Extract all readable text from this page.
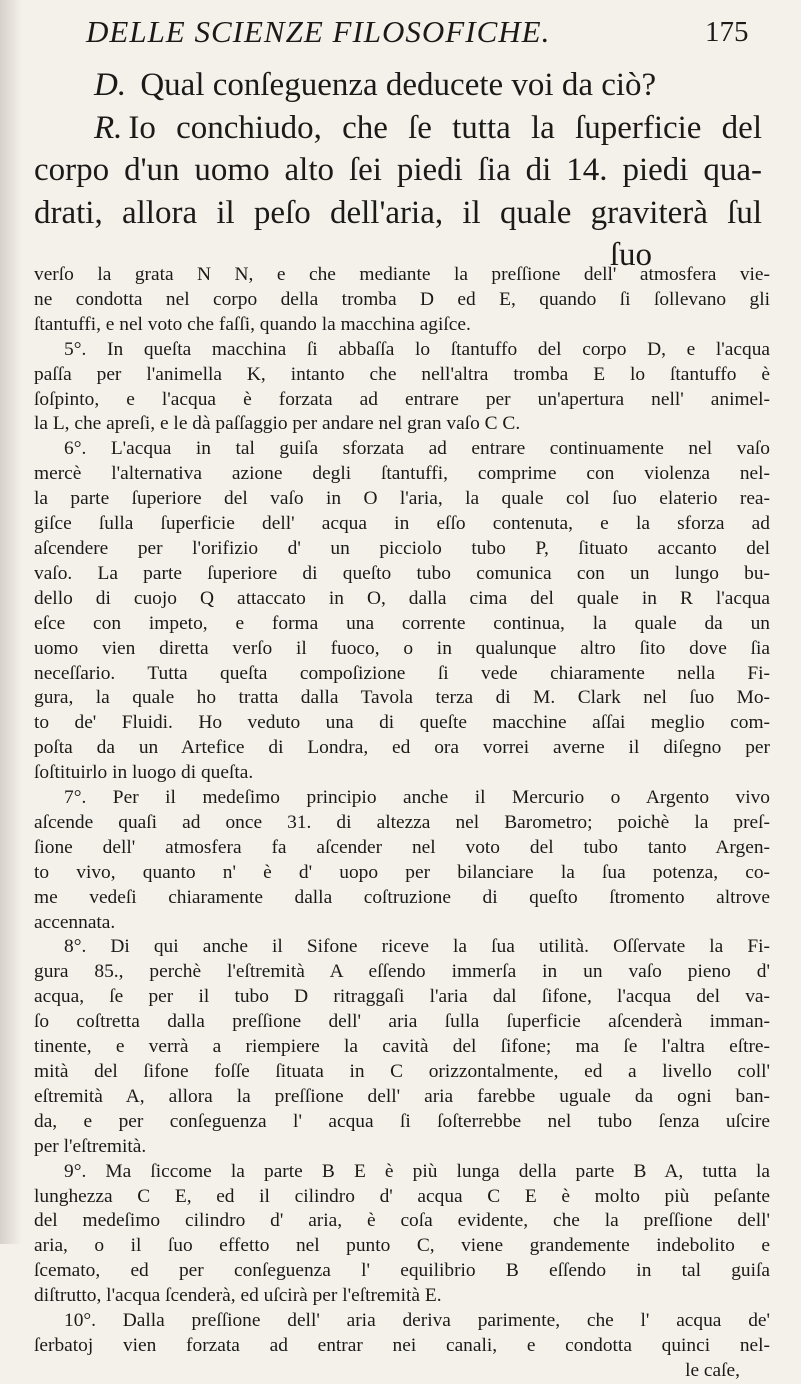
DELLE SCIENZE FILOSOFICHE.	175

D. Qual conſeguenza deducete voi da ciò?

R. Io conchiudo, che ſe tutta la ſuperficie del
corpo d'un uomo alto ſei piedi ſia di 14. piedi qua-
drati, allora il peſo dell'aria, il quale graviterà ſul

ſuo

verſo la grata N N, e che mediante la preſſione dell' atmosfera vie-
ne condotta nel corpo della tromba D ed E, quando ſi ſollevano gli
ſtantuffi, e nel voto che faſſi, quando la macchina agiſce.
5°. In queſta macchina ſi abbaſſa lo ſtantuffo del corpo D, e l'acqua
paſſa per l'animella K, intanto che nell'altra tromba E lo ſtantuffo è
ſoſpinto, e l'acqua è forzata ad entrare per un'apertura nell' animel-
la L, che apreſi, e le dà paſſaggio per andare nel gran vaſo C C.
6°. L'acqua in tal guiſa sforzata ad entrare continuamente nel vaſo
mercè l'alternativa azione degli ſtantuffi, comprime con violenza nel-
la parte ſuperiore del vaſo in O l'aria, la quale col ſuo elaterio rea-
giſce ſulla ſuperficie dell' acqua in eſſo contenuta, e la sforza ad
aſcendere per l'orifizio d' un picciolo tubo P, ſituato accanto del
vaſo. La parte ſuperiore di queſto tubo comunica con un lungo bu-
dello di cuojo Q attaccato in O, dalla cima del quale in R l'acqua
eſce con impeto, e forma una corrente continua, la quale da un
uomo vien diretta verſo il fuoco, o in qualunque altro ſito dove ſia
neceſſario. Tutta queſta compoſizione ſi vede chiaramente nella Fi-
gura, la quale ho tratta dalla Tavola terza di M. Clark nel ſuo Mo-
to de' Fluidi. Ho veduto una di queſte macchine aſſai meglio com-
poſta da un Artefice di Londra, ed ora vorrei averne il diſegno per
ſoſtituirlo in luogo di queſta.
7°. Per il medeſimo principio anche il Mercurio o Argento vivo
aſcende quaſi ad once 31. di altezza nel Barometro; poichè la preſ-
ſione dell' atmosfera fa aſcender nel voto del tubo tanto Argen-
to vivo, quanto n' è d' uopo per bilanciare la ſua potenza, co-
me vedeſi chiaramente dalla coſtruzione di queſto ſtromento altrove
accennata.
8°. Di qui anche il Sifone riceve la ſua utilità. Oſſervate la Fi-
gura 85., perchè l'eſtremità A eſſendo immerſa in un vaſo pieno d'
acqua, ſe per il tubo D ritraggaſi l'aria dal ſifone, l'acqua del va-
ſo coſtretta dalla preſſione dell' aria ſulla ſuperficie aſcenderà imman-
tinente, e verrà a riempiere la cavità del ſifone; ma ſe l'altra eſtre-
mità del ſifone foſſe ſituata in C orizzontalmente, ed a livello coll'
eſtremità A, allora la preſſione dell' aria farebbe uguale da ogni ban-
da, e per conſeguenza l' acqua ſi ſoſterrebbe nel tubo ſenza uſcire
per l'eſtremità.
9°. Ma ſiccome la parte B E è più lunga della parte B A, tutta la
lunghezza C E, ed il cilindro d' acqua C E è molto più peſante
del medeſimo cilindro d' aria, è coſa evidente, che la preſſione dell'
aria, o il ſuo effetto nel punto C, viene grandemente indebolito e
ſcemato, ed per conſeguenza l' equilibrio B eſſendo in tal guiſa
diſtrutto, l'acqua ſcenderà, ed uſcirà per l'eſtremità E.
10°. Dalla preſſione dell' aria deriva parimente, che l' acqua de'
ſerbatoj vien forzata ad entrar nei canali, e condotta quinci nel-
le caſe,
